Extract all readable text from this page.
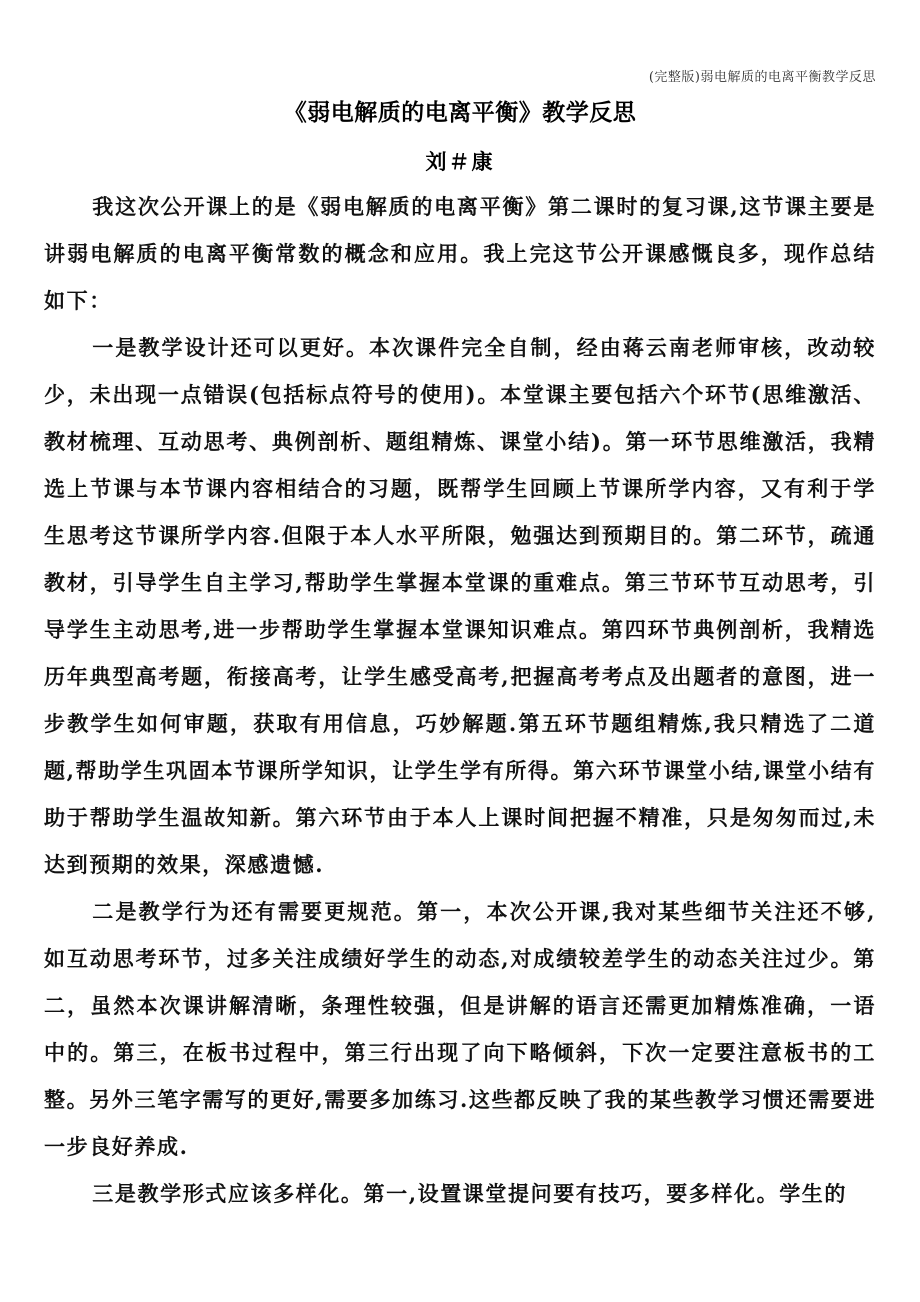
(完整版)弱电解质的电离平衡教学反思
《弱电解质的电离平衡》教学反思
刘＃康

我这次公开课上的是《弱电解质的电离平衡》第二课时的复习课,这节课主要是讲弱电解质的电离平衡常数的概念和应用。我上完这节公开课感慨良多，现作总结如下：

一是教学设计还可以更好。本次课件完全自制，经由蒋云南老师审核，改动较少，未出现一点错误(包括标点符号的使用)。本堂课主要包括六个环节(思维激活、教材梳理、互动思考、典例剖析、题组精炼、课堂小结)。第一环节思维激活，我精选上节课与本节课内容相结合的习题，既帮学生回顾上节课所学内容，又有利于学生思考这节课所学内容.但限于本人水平所限，勉强达到预期目的。第二环节，疏通教材，引导学生自主学习,帮助学生掌握本堂课的重难点。第三节环节互动思考，引导学生主动思考,进一步帮助学生掌握本堂课知识难点。第四环节典例剖析，我精选历年典型高考题，衔接高考，让学生感受高考,把握高考考点及出题者的意图，进一步教学生如何审题，获取有用信息，巧妙解题.第五环节题组精炼,我只精选了二道题,帮助学生巩固本节课所学知识，让学生学有所得。第六环节课堂小结,课堂小结有助于帮助学生温故知新。第六环节由于本人上课时间把握不精准，只是匆匆而过,未达到预期的效果，深感遗憾.

二是教学行为还有需要更规范。第一，本次公开课,我对某些细节关注还不够,如互动思考环节，过多关注成绩好学生的动态,对成绩较差学生的动态关注过少。第二，虽然本次课讲解清晰，条理性较强，但是讲解的语言还需更加精炼准确，一语中的。第三，在板书过程中，第三行出现了向下略倾斜，下次一定要注意板书的工整。另外三笔字需写的更好,需要多加练习.这些都反映了我的某些教学习惯还需要进一步良好养成.

三是教学形式应该多样化。第一,设置课堂提问要有技巧，要多样化。学生的
